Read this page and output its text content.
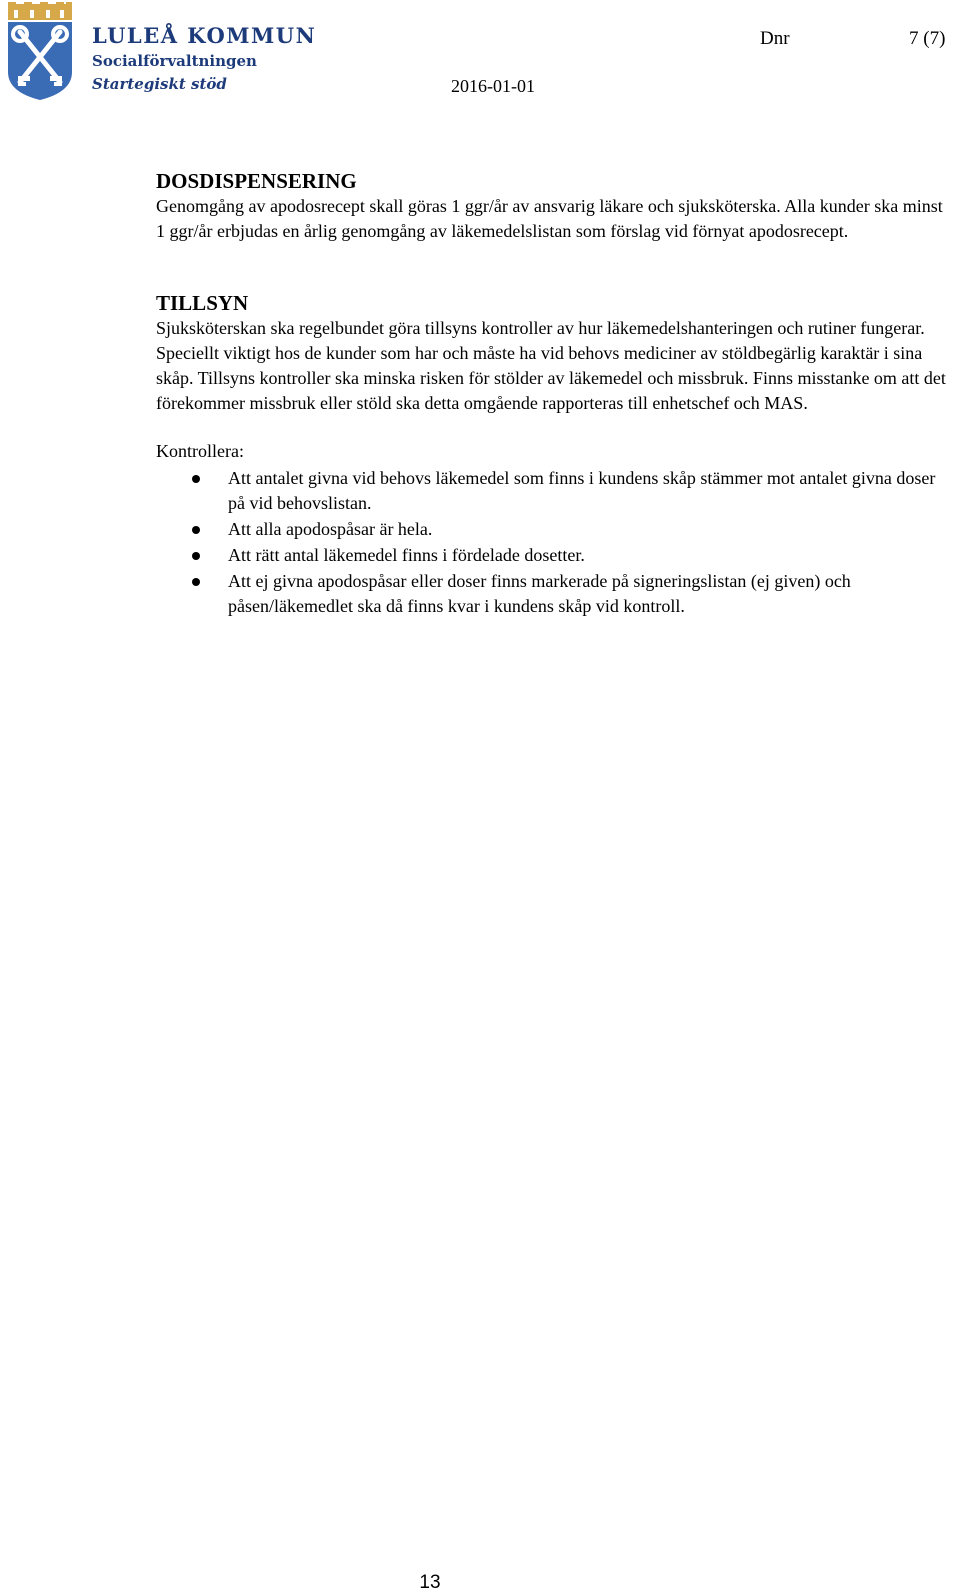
LULEÅ KOMMUN
Socialförvaltningen
Startegiskt stöd	2016-01-01
Dnr	7 (7)
DOSDISPENSERING

Genomgång av apodosrecept skall göras 1 ggr/år av ansvarig läkare och sjuksköterska. Alla kunder ska minst 1 ggr/år erbjudas en årlig genomgång av läkemedelslistan som förslag vid förnyat apodosrecept.

TILLSYN

Sjuksköterskan ska regelbundet göra tillsyns kontroller av hur läkemedelshanteringen och rutiner fungerar. Speciellt viktigt hos de kunder som har och måste ha vid behovs mediciner av stöldbegärlig karaktär i sina skåp. Tillsyns kontroller ska minska risken för stölder av läkemedel och missbruk. Finns misstanke om att det förekommer missbruk eller stöld ska detta omgående rapporteras till enhetschef och MAS.

Kontrollera:

Att antalet givna vid behovs läkemedel som finns i kundens skåp stämmer mot antalet givna doser på vid behovslistan.
Att alla apodospåsar är hela.
Att rätt antal läkemedel finns i fördelade dosetter.
Att ej givna apodospåsar eller doser finns markerade på signeringslistan (ej given) och påsen/läkemedlet ska då finns kvar i kundens skåp vid kontroll.
13
